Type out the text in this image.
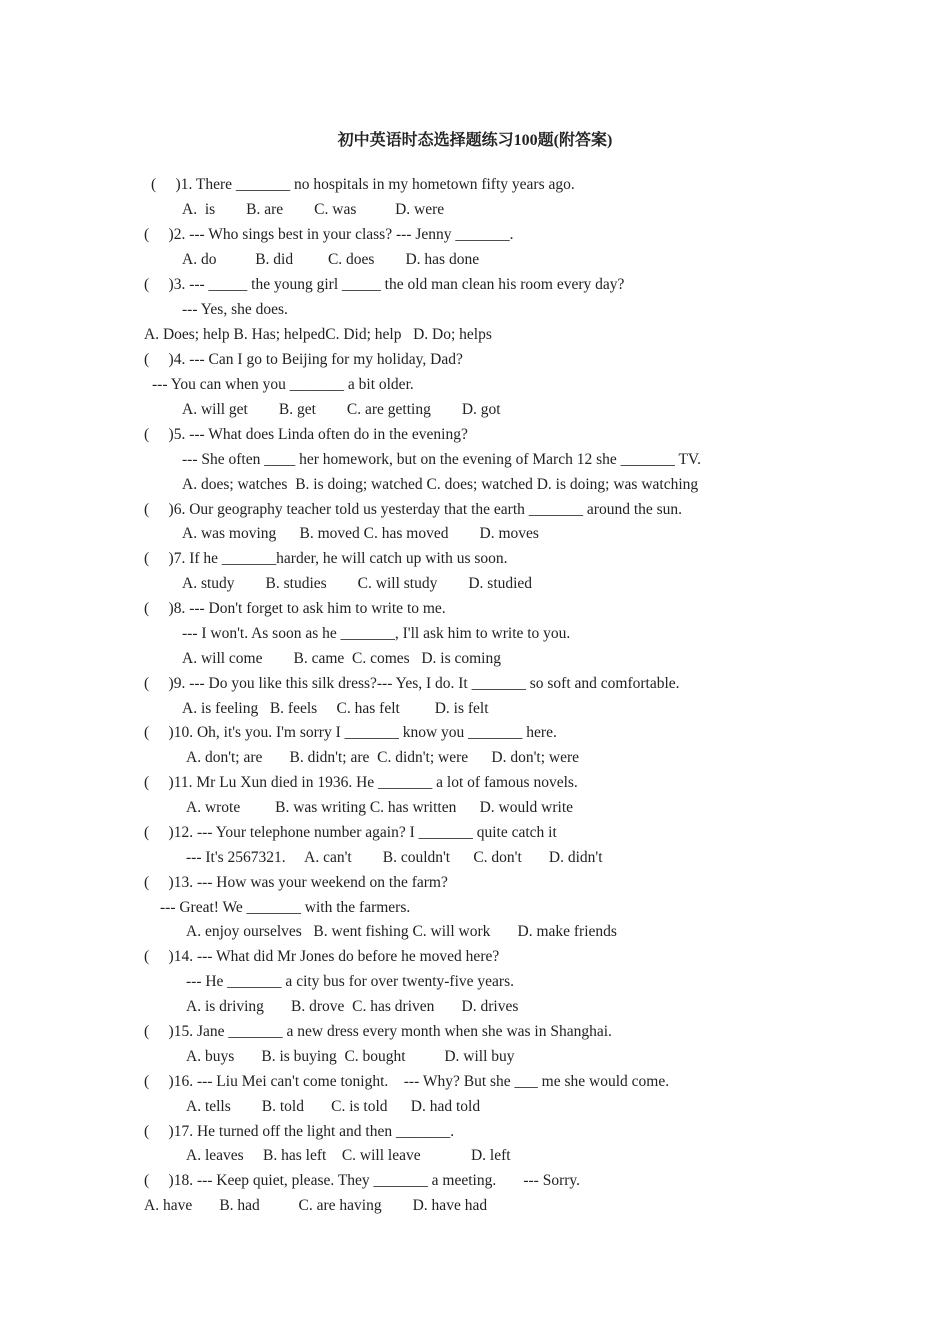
初中英语时态选择题练习100题(附答案)
(     )1. There _______ no hospitals in my hometown fifty years ago.
A.  is        B. are        C. was          D. were
(     )2. --- Who sings best in your class? --- Jenny _______.
A. do          B. did         C. does        D. has done
(     )3. --- _____ the young girl _____ the old man clean his room every day?
--- Yes, she does.
A. Does; help B. Has; helpedC. Did; help   D. Do; helps
(     )4. --- Can I go to Beijing for my holiday, Dad?
--- You can when you _______ a bit older.
A. will get        B. get        C. are getting        D. got
(     )5. --- What does Linda often do in the evening?
--- She often ____ her homework, but on the evening of March 12 she _______ TV.
A. does; watches  B. is doing; watched C. does; watched D. is doing; was watching
(     )6. Our geography teacher told us yesterday that the earth _______ around the sun.
A. was moving      B. moved C. has moved        D. moves
(     )7. If he _______harder, he will catch up with us soon.
A. study        B. studies        C. will study        D. studied
(     )8. --- Don't forget to ask him to write to me.
--- I won't. As soon as he _______, I'll ask him to write to you.
A. will come        B. came  C. comes   D. is coming
(     )9. --- Do you like this silk dress?--- Yes, I do. It _______ so soft and comfortable.
A. is feeling   B. feels     C. has felt         D. is felt
(     )10. Oh, it's you. I'm sorry I _______ know you _______ here.
A. don't; are       B. didn't; are  C. didn't; were      D. don't; were
(     )11. Mr Lu Xun died in 1936. He _______ a lot of famous novels.
A. wrote         B. was writing C. has written      D. would write
(     )12. --- Your telephone number again? I _______ quite catch it
--- It's 2567321.     A. can't        B. couldn't      C. don't       D. didn't
(     )13. --- How was your weekend on the farm?
--- Great! We _______ with the farmers.
A. enjoy ourselves   B. went fishing C. will work       D. make friends
(     )14. --- What did Mr Jones do before he moved here?
--- He _______ a city bus for over twenty-five years.
A. is driving       B. drove  C. has driven       D. drives
(     )15. Jane _______ a new dress every month when she was in Shanghai.
A. buys       B. is buying  C. bought          D. will buy
(     )16. --- Liu Mei can't come tonight.    --- Why? But she ___ me she would come.
A. tells        B. told       C. is told      D. had told
(     )17. He turned off the light and then _______.
A. leaves     B. has left    C. will leave             D. left
(     )18. --- Keep quiet, please. They _______ a meeting.       --- Sorry.
A. have       B. had          C. are having        D. have had
